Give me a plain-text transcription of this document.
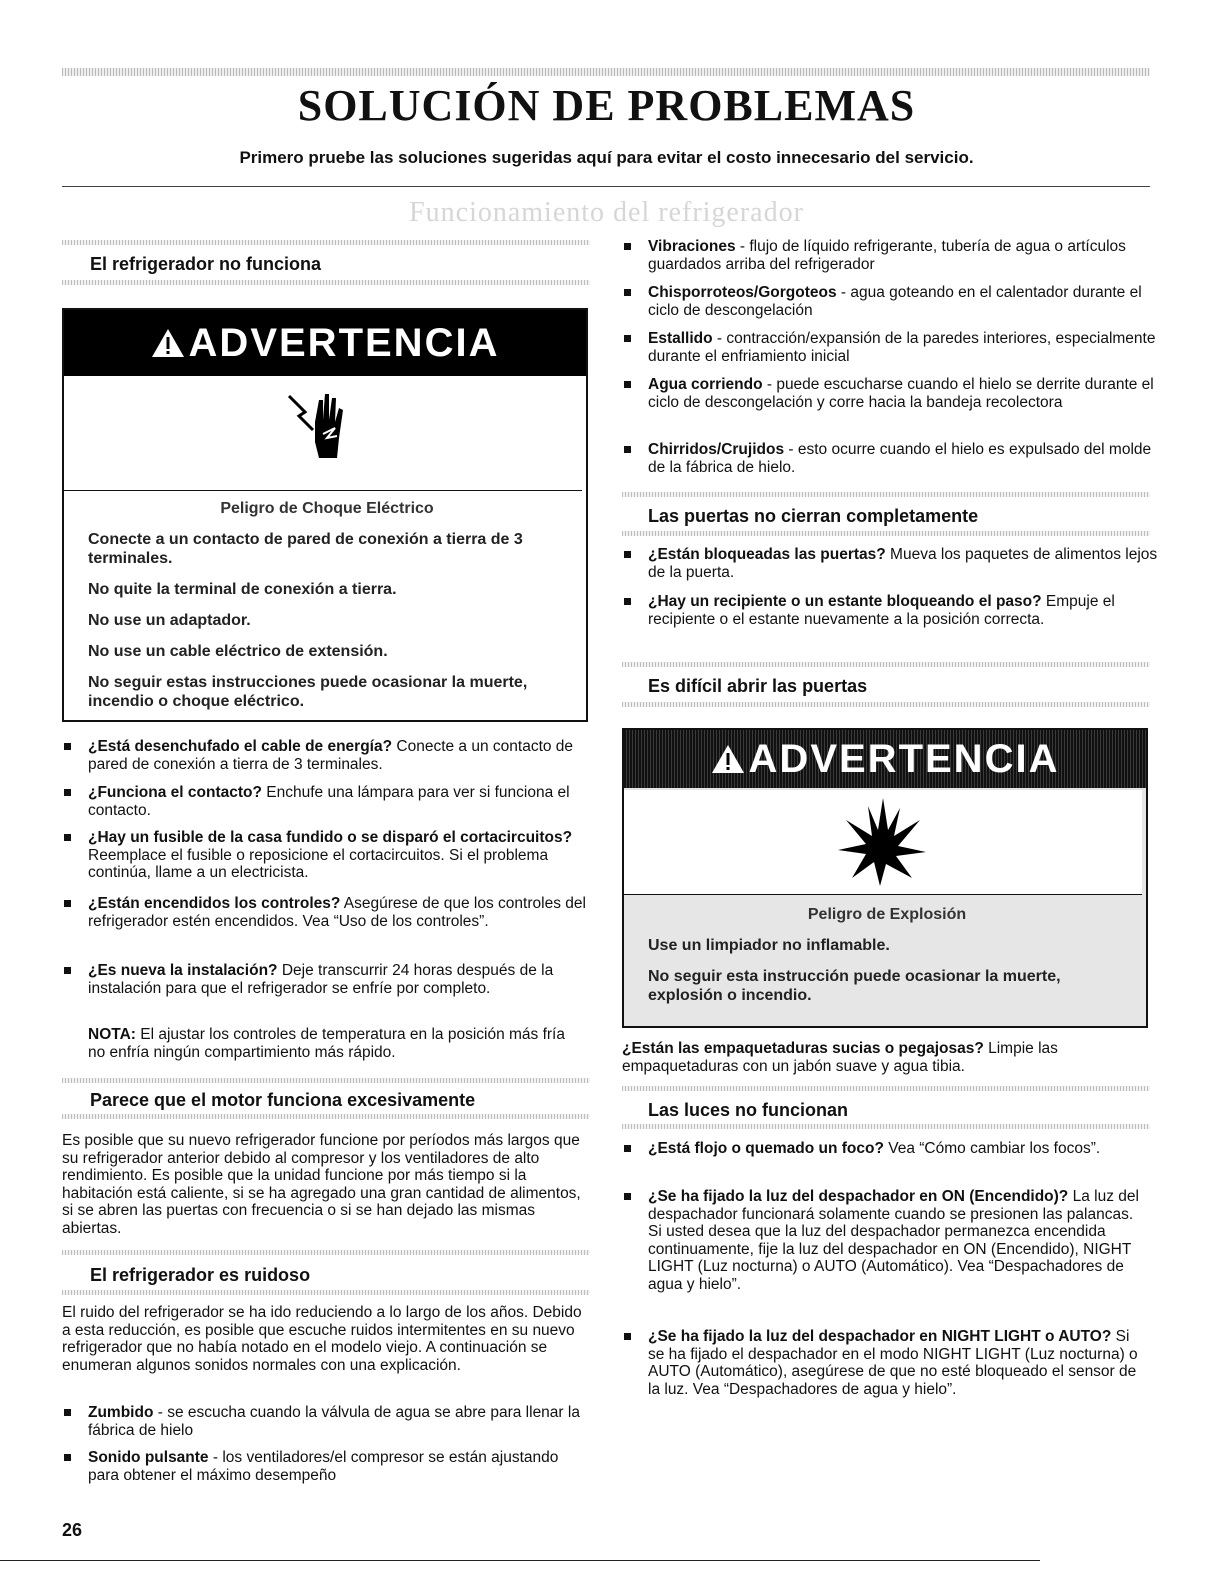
SOLUCIÓN DE PROBLEMAS
Primero pruebe las soluciones sugeridas aquí para evitar el costo innecesario del servicio.
Funcionamiento del refrigerador
El refrigerador no funciona
ADVERTENCIA
Peligro de Choque Eléctrico
Conecte a un contacto de pared de conexión a tierra de 3 terminales.
No quite la terminal de conexión a tierra.
No use un adaptador.
No use un cable eléctrico de extensión.
No seguir estas instrucciones puede ocasionar la muerte, incendio o choque eléctrico.
¿Está desenchufado el cable de energía? Conecte a un contacto de pared de conexión a tierra de 3 terminales.
¿Funciona el contacto? Enchufe una lámpara para ver si funciona el contacto.
¿Hay un fusible de la casa fundido o se disparó el cortacircuitos? Reemplace el fusible o reposicione el cortacircuitos. Si el problema continúa, llame a un electricista.
¿Están encendidos los controles? Asegúrese de que los controles del refrigerador estén encendidos. Vea “Uso de los controles”.
¿Es nueva la instalación? Deje transcurrir 24 horas después de la instalación para que el refrigerador se enfríe por completo.
NOTA: El ajustar los controles de temperatura en la posición más fría no enfría ningún compartimiento más rápido.
Parece que el motor funciona excesivamente
Es posible que su nuevo refrigerador funcione por períodos más largos que su refrigerador anterior debido al compresor y los ventiladores de alto rendimiento. Es posible que la unidad funcione por más tiempo si la habitación está caliente, si se ha agregado una gran cantidad de alimentos, si se abren las puertas con frecuencia o si se han dejado las mismas abiertas.
El refrigerador es ruidoso
El ruido del refrigerador se ha ido reduciendo a lo largo de los años. Debido a esta reducción, es posible que escuche ruidos intermitentes en su nuevo refrigerador que no había notado en el modelo viejo. A continuación se enumeran algunos sonidos normales con una explicación.
Zumbido - se escucha cuando la válvula de agua se abre para llenar la fábrica de hielo
Sonido pulsante - los ventiladores/el compresor se están ajustando para obtener el máximo desempeño
Vibraciones - flujo de líquido refrigerante, tubería de agua o artículos guardados arriba del refrigerador
Chisporroteos/Gorgoteos - agua goteando en el calentador durante el ciclo de descongelación
Estallido - contracción/expansión de la paredes interiores, especialmente durante el enfriamiento inicial
Agua corriendo - puede escucharse cuando el hielo se derrite durante el ciclo de descongelación y corre hacia la bandeja recolectora
Chirridos/Crujidos - esto ocurre cuando el hielo es expulsado del molde de la fábrica de hielo.
Las puertas no cierran completamente
¿Están bloqueadas las puertas? Mueva los paquetes de alimentos lejos de la puerta.
¿Hay un recipiente o un estante bloqueando el paso? Empuje el recipiente o el estante nuevamente a la posición correcta.
Es difícil abrir las puertas
ADVERTENCIA
Peligro de Explosión
Use un limpiador no inflamable.
No seguir esta instrucción puede ocasionar la muerte, explosión o incendio.
¿Están las empaquetaduras sucias o pegajosas? Limpie las empaquetaduras con un jabón suave y agua tibia.
Las luces no funcionan
¿Está flojo o quemado un foco? Vea “Cómo cambiar los focos”.
¿Se ha fijado la luz del despachador en ON (Encendido)? La luz del despachador funcionará solamente cuando se presionen las palancas. Si usted desea que la luz del despachador permanezca encendida continuamente, fije la luz del despachador en ON (Encendido), NIGHT LIGHT (Luz nocturna) o AUTO (Automático). Vea “Despachadores de agua y hielo”.
¿Se ha fijado la luz del despachador en NIGHT LIGHT o AUTO? Si se ha fijado el despachador en el modo NIGHT LIGHT (Luz nocturna) o AUTO (Automático), asegúrese de que no esté bloqueado el sensor de la luz. Vea “Despachadores de agua y hielo”.
26
